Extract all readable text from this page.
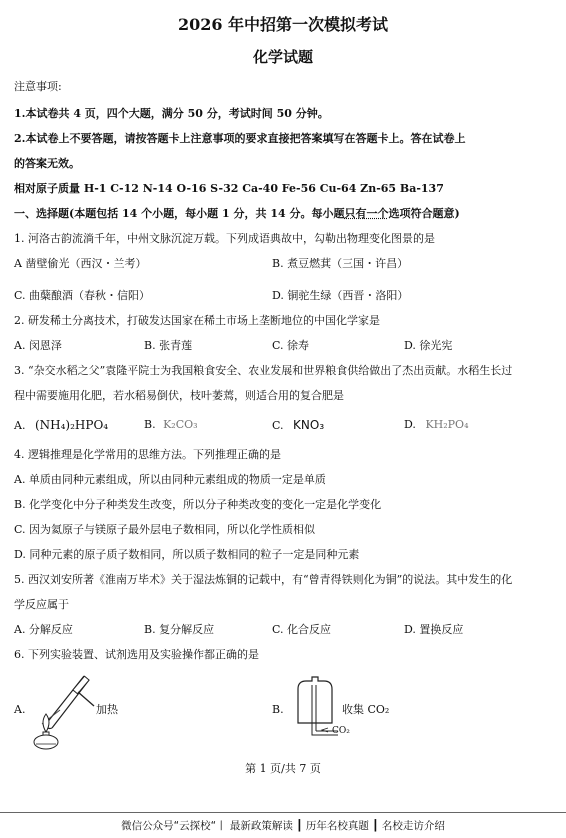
2026 年中招第一次模拟考试
化学试题
注意事项:
1.本试卷共 4 页，四个大题，满分 50 分，考试时间 50 分钟。
2.本试卷上不要答题，请按答题卡上注意事项的要求直接把答案填写在答题卡上。答在试卷上
的答案无效。
相对原子质量 H-1 C-12 N-14 O-16 S-32 Ca-40 Fe-56 Cu-64 Zn-65 Ba-137
一、选择题(本题包括 14 个小题，每小题 1 分，共 14 分。每小题只有一个选项符合题意)
1. 河洛古韵流淌千年，中州文脉沉淀万载。下列成语典故中，勾勒出物理变化图景的是
A 凿壁偷光（西汉・兰考）	B. 煮豆燃萁（三国・许昌）
C. 曲蘖酿酒（春秋・信阳）	D. 铜驼生绿（西晋・洛阳）
2. 研发稀土分离技术，打破发达国家在稀土市场上垄断地位的中国化学家是
A. 闵恩泽	B. 张青莲	C. 徐寿	D. 徐光宪
3. “杂交水稻之父”袁隆平院士为我国粮食安全、农业发展和世界粮食供给做出了杰出贡献。水稻生长过
程中需要施用化肥，若水稻易倒伏，枝叶萎蔫，则适合用的复合肥是
A. (NH₄)₂HPO₄	B. K₂CO₃	C. KNO₃	D. KH₂PO₄
4. 逻辑推理是化学常用的思维方法。下列推理正确的是
A. 单质由同种元素组成，所以由同种元素组成的物质一定是单质
B. 化学变化中分子种类发生改变，所以分子种类改变的变化一定是化学变化
C. 因为氦原子与镁原子最外层电子数相同，所以化学性质相似
D. 同种元素的原子质子数相同，所以质子数相同的粒子一定是同种元素
5. 西汉刘安所著《淮南万毕术》关于湿法炼铜的记载中，有“曾青得铁则化为铜”的说法。其中发生的化
学反应属于
A. 分解反应	B. 复分解反应	C. 化合反应	D. 置换反应
6. 下列实验装置、试剂选用及实验操作都正确的是
A.	加热	B.	收集 CO₂
CO₂
第 1 页/共 7 页
微信公众号“云探校“丨 最新政策解读 ┃ 历年名校真题 ┃ 名校走访介绍
